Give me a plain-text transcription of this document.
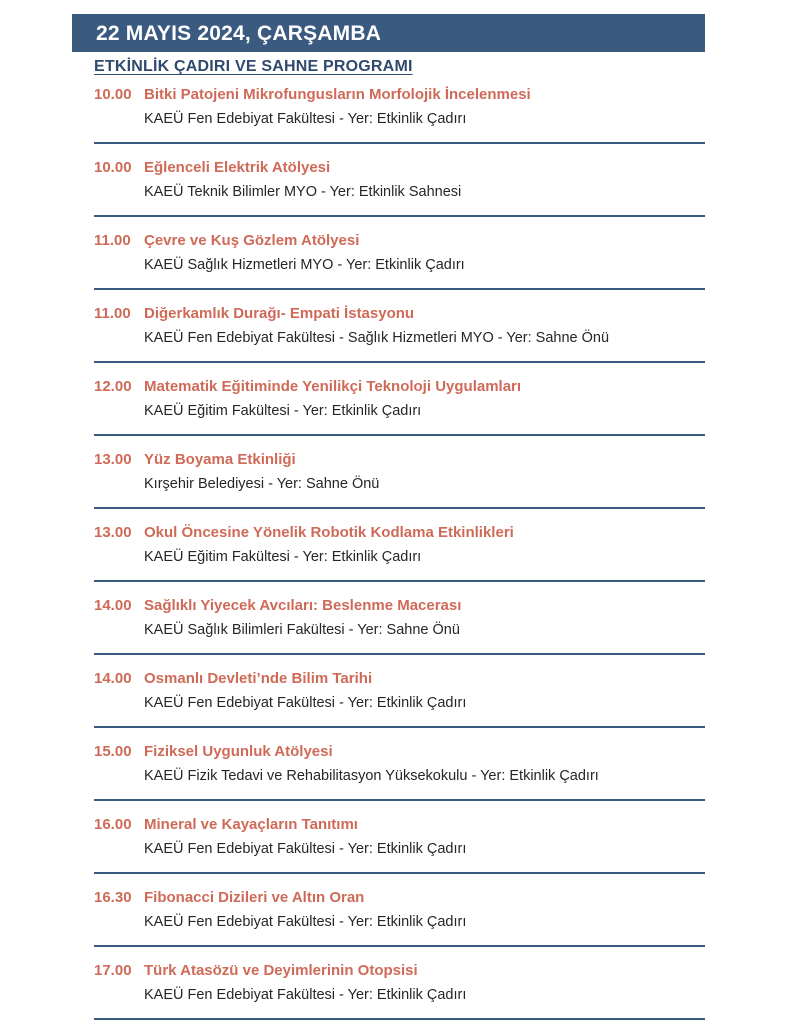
22 MAYIS 2024, ÇARŞAMBA
ETKİNLİK ÇADIRI VE SAHNE PROGRAMI
10.00 Bitki Patojeni Mikrofungusların Morfolojik İncelenmesi
KAEÜ Fen Edebiyat Fakültesi - Yer: Etkinlik Çadırı
10.00 Eğlenceli Elektrik Atölyesi
KAEÜ Teknik Bilimler MYO - Yer: Etkinlik Sahnesi
11.00 Çevre ve Kuş Gözlem Atölyesi
KAEÜ Sağlık Hizmetleri MYO - Yer: Etkinlik Çadırı
11.00 Diğerkamlık Durağı- Empati İstasyonu
KAEÜ Fen Edebiyat Fakültesi - Sağlık Hizmetleri MYO - Yer: Sahne Önü
12.00 Matematik Eğitiminde Yenilikçi Teknoloji Uygulamları
KAEÜ Eğitim Fakültesi - Yer: Etkinlik Çadırı
13.00 Yüz Boyama Etkinliği
Kırşehir Belediyesi - Yer: Sahne Önü
13.00 Okul Öncesine Yönelik Robotik Kodlama Etkinlikleri
KAEÜ Eğitim Fakültesi - Yer: Etkinlik Çadırı
14.00 Sağlıklı Yiyecek Avcıları: Beslenme Macerası
KAEÜ Sağlık Bilimleri Fakültesi - Yer: Sahne Önü
14.00 Osmanlı Devleti’nde Bilim Tarihi
KAEÜ Fen Edebiyat Fakültesi - Yer: Etkinlik Çadırı
15.00 Fiziksel Uygunluk Atölyesi
KAEÜ Fizik Tedavi ve Rehabilitasyon Yüksekokulu - Yer: Etkinlik Çadırı
16.00 Mineral ve Kayaçların Tanıtımı
KAEÜ Fen Edebiyat Fakültesi - Yer: Etkinlik Çadırı
16.30 Fibonacci Dizileri ve Altın Oran
KAEÜ Fen Edebiyat Fakültesi - Yer: Etkinlik Çadırı
17.00 Türk Atasözü ve Deyimlerinin Otopsisi
KAEÜ Fen Edebiyat Fakültesi - Yer: Etkinlik Çadırı
